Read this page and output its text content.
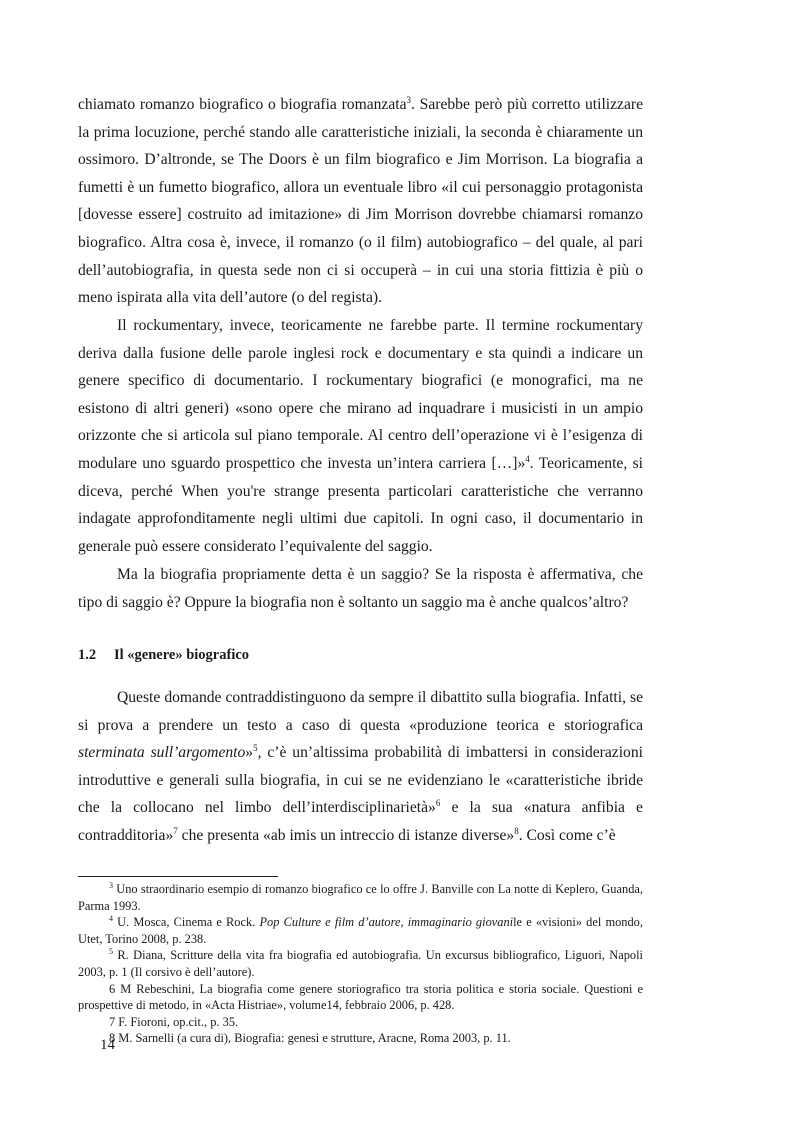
chiamato romanzo biografico o biografia romanzata$^3$. Sarebbe però più corretto utilizzare la prima locuzione, perché stando alle caratteristiche iniziali, la seconda è chiaramente un ossimoro. D’altronde, se The Doors è un film biografico e Jim Morrison. La biografia a fumetti è un fumetto biografico, allora un eventuale libro «il cui personaggio protagonista [dovesse essere] costruito ad imitazione» di Jim Morrison dovrebbe chiamarsi romanzo biografico. Altra cosa è, invece, il romanzo (o il film) autobiografico – del quale, al pari dell’autobiografia, in questa sede non ci si occuperà – in cui una storia fittizia è più o meno ispirata alla vita dell’autore (o del regista).

Il rockumentary, invece, teoricamente ne farebbe parte. Il termine rockumentary deriva dalla fusione delle parole inglesi rock e documentary e sta quindi a indicare un genere specifico di documentario. I rockumentary biografici (e monografici, ma ne esistono di altri generi) «sono opere che mirano ad inquadrare i musicisti in un ampio orizzonte che si articola sul piano temporale. Al centro dell’operazione vi è l’esigenza di modulare uno sguardo prospettico che investa un’intera carriera […]»$^4$. Teoricamente, si diceva, perché When you're strange presenta particolari caratteristiche che verranno indagate approfonditamente negli ultimi due capitoli. In ogni caso, il documentario in generale può essere considerato l’equivalente del saggio.

Ma la biografia propriamente detta è un saggio? Se la risposta è affermativa, che tipo di saggio è? Oppure la biografia non è soltanto un saggio ma è anche qualcos’altro?

1.2 Il «genere» biografico

Queste domande contraddistinguono da sempre il dibattito sulla biografia. Infatti, se si prova a prendere un testo a caso di questa «produzione teorica e storiografica sterminata sull’argomento»$^5$, c’è un’altissima probabilità di imbattersi in considerazioni introduttive e generali sulla biografia, in cui se ne evidenziano le «caratteristiche ibride che la collocano nel limbo dell’interdisciplinarietà»$^6$ e la sua «natura anfibia e contradditoria»$^7$ che presenta «ab imis un intreccio di istanze diverse»$^8$. Così come c’è

$^3$ Uno straordinario esempio di romanzo biografico ce lo offre J. Banville con La notte di Keplero, Guanda, Parma 1993.

$^4$ U. Mosca, Cinema e Rock. Pop Culture e film d’autore, immaginario giovanile e «visioni» del mondo, Utet, Torino 2008, p. 238.

$^5$ R. Diana, Scritture della vita fra biografia ed autobiografia. Un excursus bibliografico, Liguori, Napoli 2003, p. 1 (Il corsivo è dell’autore).

6 M Rebeschini, La biografia come genere storiografico tra storia politica e storia sociale. Questioni e prospettive di metodo, in «Acta Histriae», volume14, febbraio 2006, p. 428.

7 F. Fioroni, op.cit., p. 35.

8 M. Sarnelli (a cura di), Biografia: genesi e strutture, Aracne, Roma 2003, p. 11.

14
